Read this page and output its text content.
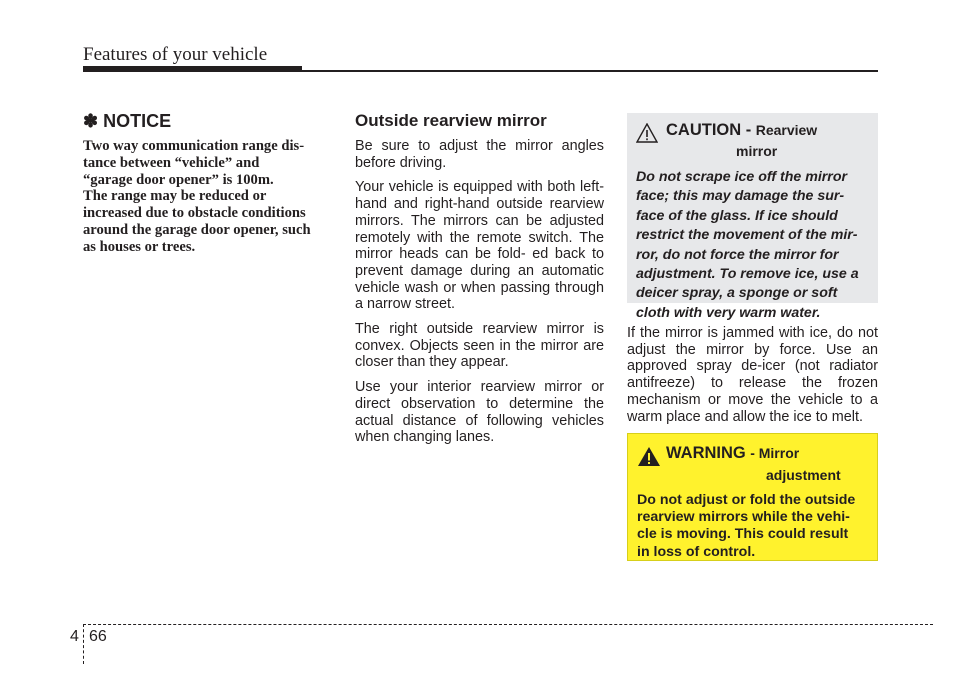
Features of your vehicle
✽ NOTICE
Two way communication range dis-
tance between “vehicle” and
“garage door opener” is 100m.
The range may be reduced or
increased due to obstacle conditions
around the garage door opener, such
as houses or trees.
Outside rearview mirror

Be sure to adjust the mirror angles before driving.

Your vehicle is equipped with both left-hand and right-hand outside rearview mirrors. The mirrors can be adjusted remotely with the remote switch. The mirror heads can be fold- ed back to prevent damage during an automatic vehicle wash or when passing through a narrow street.

The right outside rearview mirror is convex. Objects seen in the mirror are closer than they appear.

Use your interior rearview mirror or direct observation to determine the actual distance of following vehicles when changing lanes.

CAUTION - Rearview
mirror
Do not scrape ice off the mirror
face; this may damage the sur-
face of the glass. If ice should
restrict the movement of the mir-
ror, do not force the mirror for
adjustment. To remove ice, use a
deicer spray, a sponge or soft
cloth with very warm water.

If the mirror is jammed with ice, do not adjust the mirror by force. Use an approved spray de-icer (not radiator antifreeze) to release the frozen mechanism or move the vehicle to a warm place and allow the ice to melt.

WARNING - Mirror
adjustment
Do not adjust or fold the outside
rearview mirrors while the vehi-
cle is moving. This could result
in loss of control.
4 66
